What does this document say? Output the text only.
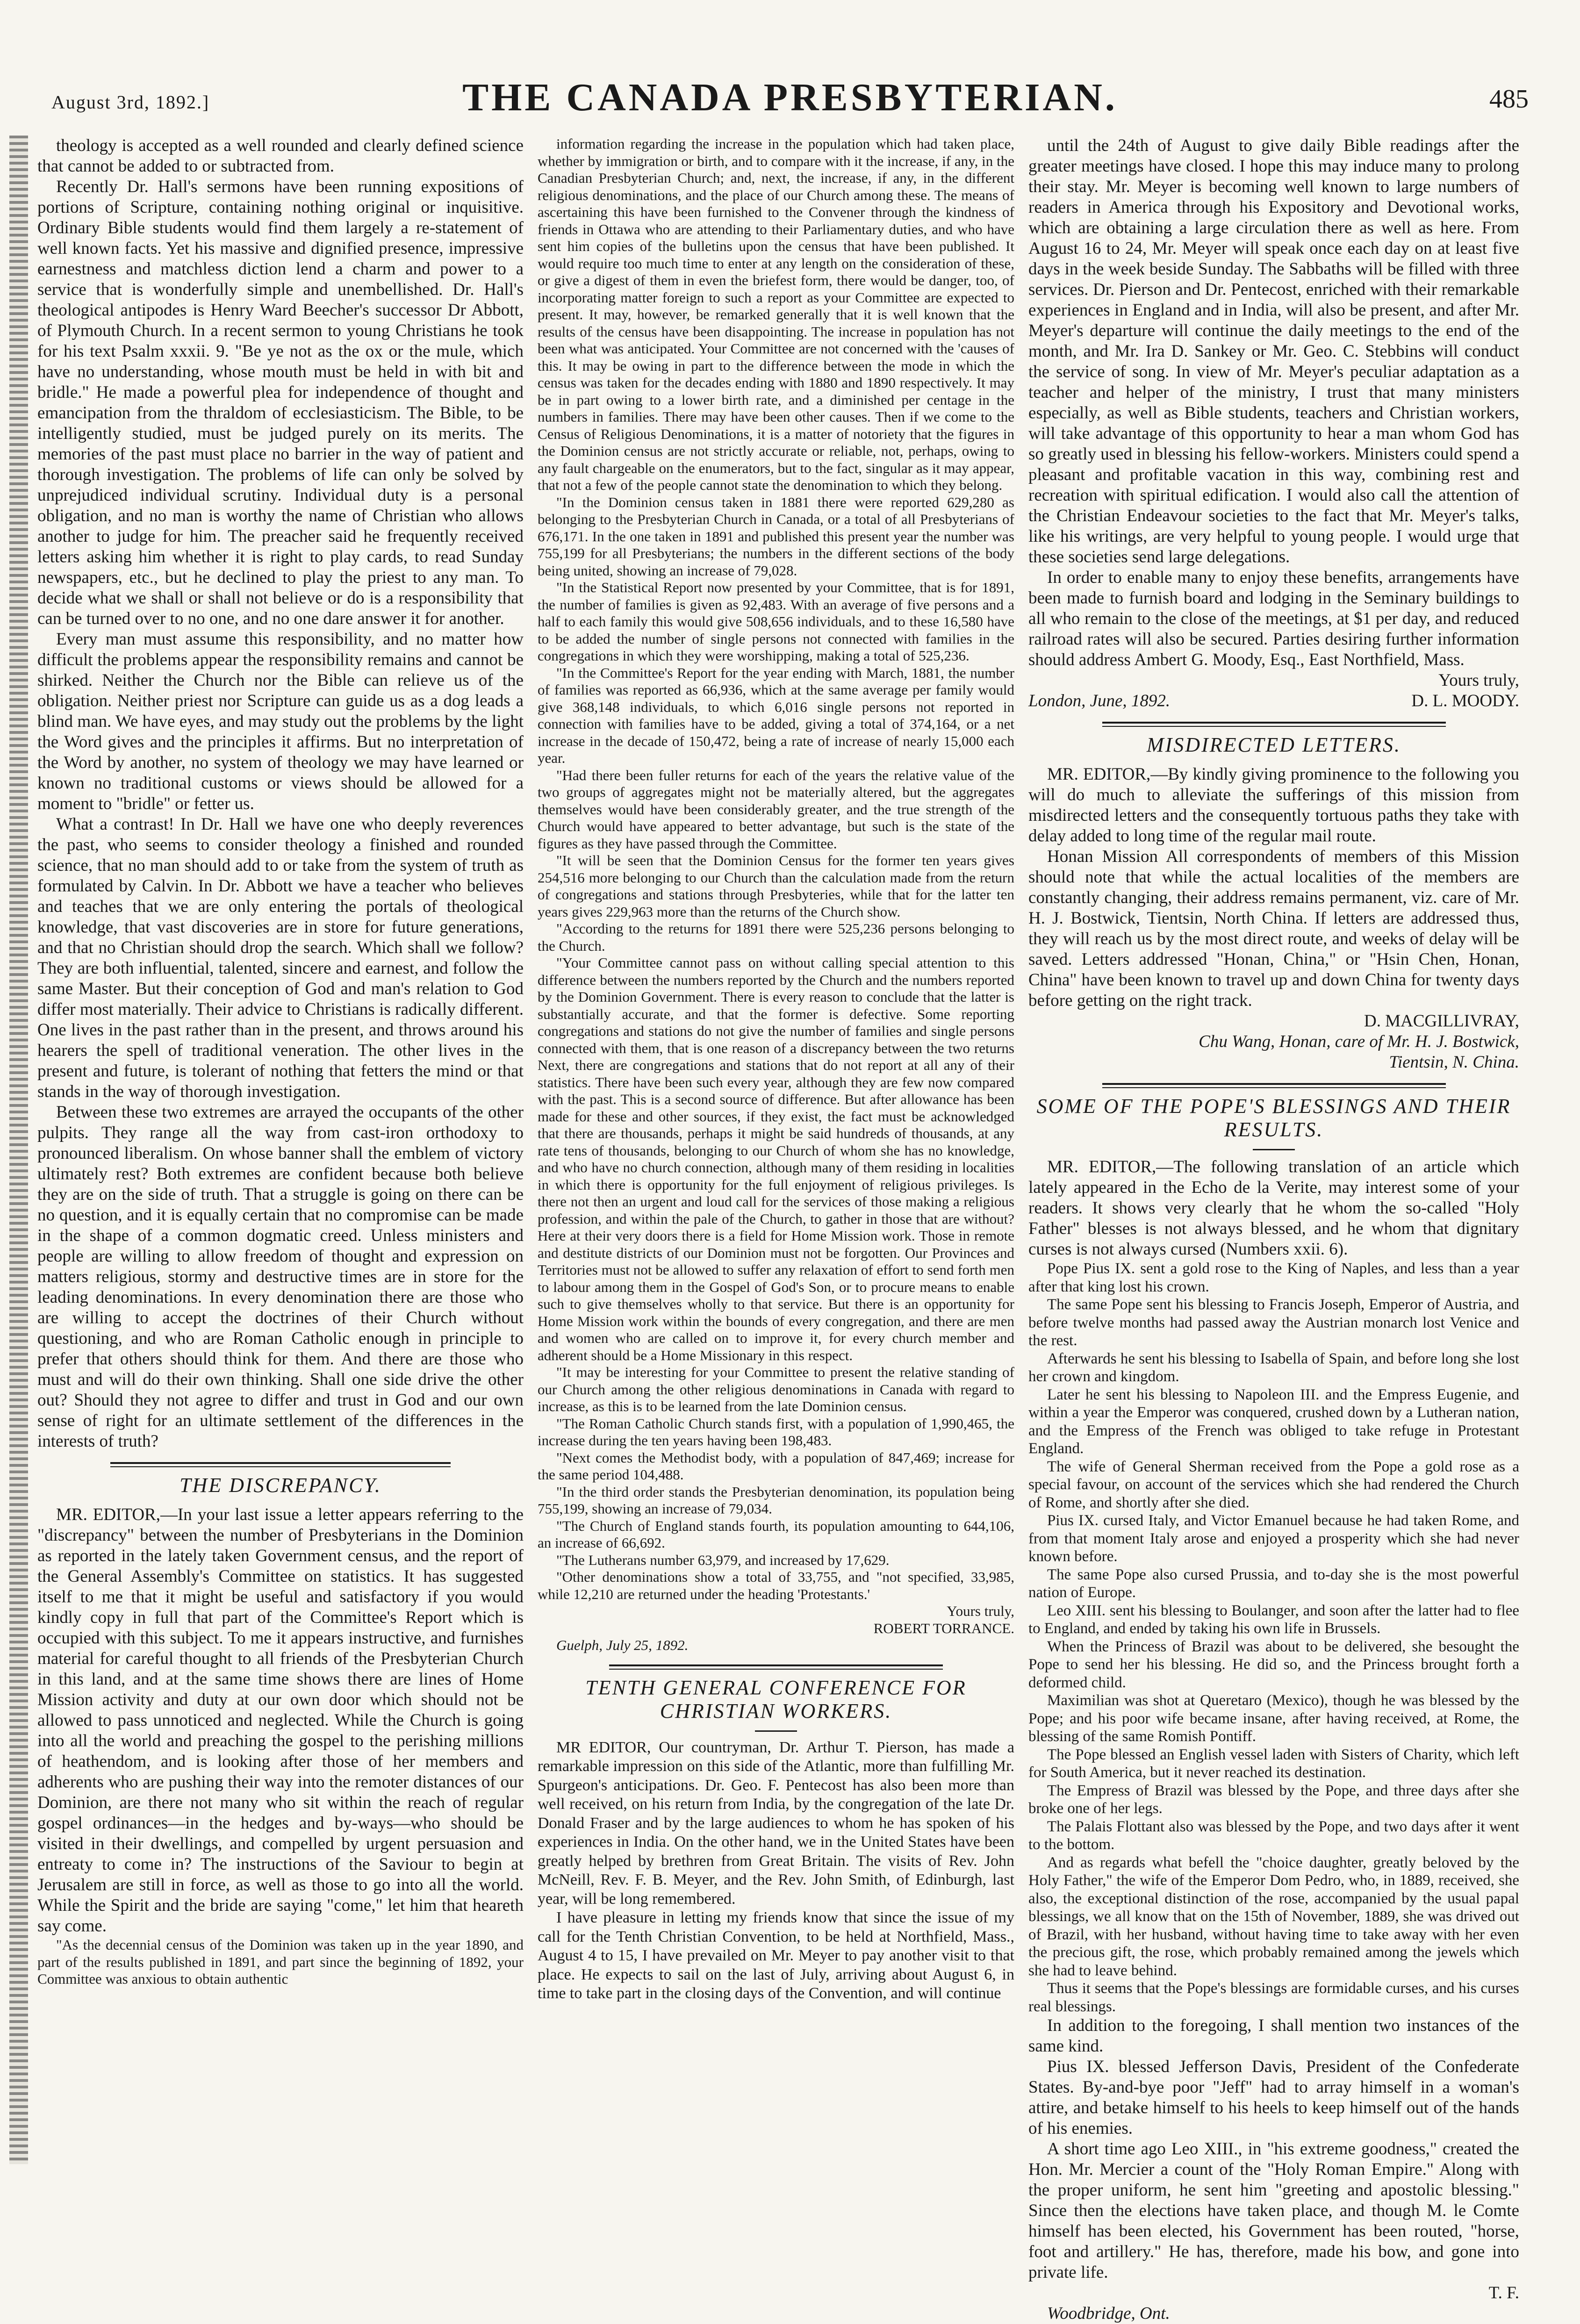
August 3rd, 1892.]	THE CANADA PRESBYTERIAN.	485

theology is accepted as a well rounded and clearly defined science that cannot be added to or subtracted from.

Recently Dr. Hall's sermons have been running expositions of portions of Scripture, containing nothing original or inquisitive. Ordinary Bible students would find them largely a re-statement of well known facts. Yet his massive and dignified presence, impressive earnestness and matchless diction lend a charm and power to a service that is wonderfully simple and unembellished. Dr. Hall's theological antipodes is Henry Ward Beecher's successor Dr Abbott, of Plymouth Church. In a recent sermon to young Christians he took for his text Psalm xxxii. 9. "Be ye not as the ox or the mule, which have no understanding, whose mouth must be held in with bit and bridle." He made a powerful plea for independence of thought and emancipation from the thraldom of ecclesiasticism. The Bible, to be intelligently studied, must be judged purely on its merits. The memories of the past must place no barrier in the way of patient and thorough investigation. The problems of life can only be solved by unprejudiced individual scrutiny. Individual duty is a personal obligation, and no man is worthy the name of Christian who allows another to judge for him. The preacher said he frequently received letters asking him whether it is right to play cards, to read Sunday newspapers, etc., but he declined to play the priest to any man. To decide what we shall or shall not believe or do is a responsibility that can be turned over to no one, and no one dare answer it for another.

Every man must assume this responsibility, and no matter how difficult the problems appear the responsibility remains and cannot be shirked. Neither the Church nor the Bible can relieve us of the obligation. Neither priest nor Scripture can guide us as a dog leads a blind man. We have eyes, and may study out the problems by the light the Word gives and the principles it affirms. But no interpretation of the Word by another, no system of theology we may have learned or known no traditional customs or views should be allowed for a moment to "bridle" or fetter us.

What a contrast! In Dr. Hall we have one who deeply reverences the past, who seems to consider theology a finished and rounded science, that no man should add to or take from the system of truth as formulated by Calvin. In Dr. Abbott we have a teacher who believes and teaches that we are only entering the portals of theological knowledge, that vast discoveries are in store for future generations, and that no Christian should drop the search. Which shall we follow? They are both influential, talented, sincere and earnest, and follow the same Master. But their conception of God and man's relation to God differ most materially. Their advice to Christians is radically different. One lives in the past rather than in the present, and throws around his hearers the spell of traditional veneration. The other lives in the present and future, is tolerant of nothing that fetters the mind or that stands in the way of thorough investigation.

Between these two extremes are arrayed the occupants of the other pulpits. They range all the way from cast-iron orthodoxy to pronounced liberalism. On whose banner shall the emblem of victory ultimately rest? Both extremes are confident because both believe they are on the side of truth. That a struggle is going on there can be no question, and it is equally certain that no compromise can be made in the shape of a common dogmatic creed. Unless ministers and people are willing to allow freedom of thought and expression on matters religious, stormy and destructive times are in store for the leading denominations. In every denomination there are those who are willing to accept the doctrines of their Church without questioning, and who are Roman Catholic enough in principle to prefer that others should think for them. And there are those who must and will do their own thinking. Shall one side drive the other out? Should they not agree to differ and trust in God and our own sense of right for an ultimate settlement of the differences in the interests of truth?

THE DISCREPANCY.

MR. EDITOR,—In your last issue a letter appears referring to the "discrepancy" between the number of Presbyterians in the Dominion as reported in the lately taken Government census, and the report of the General Assembly's Committee on statistics. It has suggested itself to me that it might be useful and satisfactory if you would kindly copy in full that part of the Committee's Report which is occupied with this subject. To me it appears instructive, and furnishes material for careful thought to all friends of the Presbyterian Church in this land, and at the same time shows there are lines of Home Mission activity and duty at our own door which should not be allowed to pass unnoticed and neglected. While the Church is going into all the world and preaching the gospel to the perishing millions of heathendom, and is looking after those of her members and adherents who are pushing their way into the remoter distances of our Dominion, are there not many who sit within the reach of regular gospel ordinances—in the hedges and by-ways—who should be visited in their dwellings, and compelled by urgent persuasion and entreaty to come in? The instructions of the Saviour to begin at Jerusalem are still in force, as well as those to go into all the world. While the Spirit and the bride are saying "come," let him that heareth say come.

"As the decennial census of the Dominion was taken up in the year 1890, and part of the results published in 1891, and part since the beginning of 1892, your Committee was anxious to obtain authentic

information regarding the increase in the population which had taken place, whether by immigration or birth, and to compare with it the increase, if any, in the Canadian Presbyterian Church; and, next, the increase, if any, in the different religious denominations, and the place of our Church among these. The means of ascertaining this have been furnished to the Convener through the kindness of friends in Ottawa who are attending to their Parliamentary duties, and who have sent him copies of the bulletins upon the census that have been published. It would require too much time to enter at any length on the consideration of these, or give a digest of them in even the briefest form, there would be danger, too, of incorporating matter foreign to such a report as your Committee are expected to present. It may, however, be remarked generally that it is well known that the results of the census have been disappointing. The increase in population has not been what was anticipated. Your Committee are not concerned with the 'causes of this. It may be owing in part to the difference between the mode in which the census was taken for the decades ending with 1880 and 1890 respectively. It may be in part owing to a lower birth rate, and a diminished per centage in the numbers in families. There may have been other causes. Then if we come to the Census of Religious Denominations, it is a matter of notoriety that the figures in the Dominion census are not strictly accurate or reliable, not, perhaps, owing to any fault chargeable on the enumerators, but to the fact, singular as it may appear, that not a few of the people cannot state the denomination to which they belong.

"In the Dominion census taken in 1881 there were reported 629,280 as belonging to the Presbyterian Church in Canada, or a total of all Presbyterians of 676,171. In the one taken in 1891 and published this present year the number was 755,199 for all Presbyterians; the numbers in the different sections of the body being united, showing an increase of 79,028.

"In the Statistical Report now presented by your Committee, that is for 1891, the number of families is given as 92,483. With an average of five persons and a half to each family this would give 508,656 individuals, and to these 16,580 have to be added the number of single persons not connected with families in the congregations in which they were worshipping, making a total of 525,236.

"In the Committee's Report for the year ending with March, 1881, the number of families was reported as 66,936, which at the same average per family would give 368,148 individuals, to which 6,016 single persons not reported in connection with families have to be added, giving a total of 374,164, or a net increase in the decade of 150,472, being a rate of increase of nearly 15,000 each year.

"Had there been fuller returns for each of the years the relative value of the two groups of aggregates might not be materially altered, but the aggregates themselves would have been considerably greater, and the true strength of the Church would have appeared to better advantage, but such is the state of the figures as they have passed through the Committee.

"It will be seen that the Dominion Census for the former ten years gives 254,516 more belonging to our Church than the calculation made from the return of congregations and stations through Presbyteries, while that for the latter ten years gives 229,963 more than the returns of the Church show.

"According to the returns for 1891 there were 525,236 persons belonging to the Church.

"Your Committee cannot pass on without calling special attention to this difference between the numbers reported by the Church and the numbers reported by the Dominion Government. There is every reason to conclude that the latter is substantially accurate, and that the former is defective. Some reporting congregations and stations do not give the number of families and single persons connected with them, that is one reason of a discrepancy between the two returns Next, there are congregations and stations that do not report at all any of their statistics. There have been such every year, although they are few now compared with the past. This is a second source of difference. But after allowance has been made for these and other sources, if they exist, the fact must be acknowledged that there are thousands, perhaps it might be said hundreds of thousands, at any rate tens of thousands, belonging to our Church of whom she has no knowledge, and who have no church connection, although many of them residing in localities in which there is opportunity for the full enjoyment of religious privileges. Is there not then an urgent and loud call for the services of those making a religious profession, and within the pale of the Church, to gather in those that are without? Here at their very doors there is a field for Home Mission work. Those in remote and destitute districts of our Dominion must not be forgotten. Our Provinces and Territories must not be allowed to suffer any relaxation of effort to send forth men to labour among them in the Gospel of God's Son, or to procure means to enable such to give themselves wholly to that service. But there is an opportunity for Home Mission work within the bounds of every congregation, and there are men and women who are called on to improve it, for every church member and adherent should be a Home Missionary in this respect.

"It may be interesting for your Committee to present the relative standing of our Church among the other religious denominations in Canada with regard to increase, as this is to be learned from the late Dominion census.

"The Roman Catholic Church stands first, with a population of 1,990,465, the increase during the ten years having been 198,483.

"Next comes the Methodist body, with a population of 847,469; increase for the same period 104,488.

"In the third order stands the Presbyterian denomination, its population being 755,199, showing an increase of 79,034.

"The Church of England stands fourth, its population amounting to 644,106, an increase of 66,692.

"The Lutherans number 63,979, and increased by 17,629.

"Other denominations show a total of 33,755, and "not specified, 33,985, while 12,210 are returned under the heading 'Protestants.'

Yours truly,

ROBERT TORRANCE.

Guelph, July 25, 1892.

TENTH GENERAL CONFERENCE FOR CHRISTIAN WORKERS.

MR EDITOR, Our countryman, Dr. Arthur T. Pierson, has made a remarkable impression on this side of the Atlantic, more than fulfilling Mr. Spurgeon's anticipations. Dr. Geo. F. Pentecost has also been more than well received, on his return from India, by the congregation of the late Dr. Donald Fraser and by the large audiences to whom he has spoken of his experiences in India. On the other hand, we in the United States have been greatly helped by brethren from Great Britain. The visits of Rev. John McNeill, Rev. F. B. Meyer, and the Rev. John Smith, of Edinburgh, last year, will be long remembered.

I have pleasure in letting my friends know that since the issue of my call for the Tenth Christian Convention, to be held at Northfield, Mass., August 4 to 15, I have prevailed on Mr. Meyer to pay another visit to that place. He expects to sail on the last of July, arriving about August 6, in time to take part in the closing days of the Convention, and will continue

until the 24th of August to give daily Bible readings after the greater meetings have closed. I hope this may induce many to prolong their stay. Mr. Meyer is becoming well known to large numbers of readers in America through his Expository and Devotional works, which are obtaining a large circulation there as well as here. From August 16 to 24, Mr. Meyer will speak once each day on at least five days in the week beside Sunday. The Sabbaths will be filled with three services. Dr. Pierson and Dr. Pentecost, enriched with their remarkable experiences in England and in India, will also be present, and after Mr. Meyer's departure will continue the daily meetings to the end of the month, and Mr. Ira D. Sankey or Mr. Geo. C. Stebbins will conduct the service of song. In view of Mr. Meyer's peculiar adaptation as a teacher and helper of the ministry, I trust that many ministers especially, as well as Bible students, teachers and Christian workers, will take advantage of this opportunity to hear a man whom God has so greatly used in blessing his fellow-workers. Ministers could spend a pleasant and profitable vacation in this way, combining rest and recreation with spiritual edification. I would also call the attention of the Christian Endeavour societies to the fact that Mr. Meyer's talks, like his writings, are very helpful to young people. I would urge that these societies send large delegations.

In order to enable many to enjoy these benefits, arrangements have been made to furnish board and lodging in the Seminary buildings to all who remain to the close of the meetings, at $1 per day, and reduced railroad rates will also be secured. Parties desiring further information should address Ambert G. Moody, Esq., East Northfield, Mass.

Yours truly,

London, June, 1892.	D. L. MOODY.
MISDIRECTED LETTERS.

MR. EDITOR,—By kindly giving prominence to the following you will do much to alleviate the sufferings of this mission from misdirected letters and the consequently tortuous paths they take with delay added to long time of the regular mail route.

Honan Mission All correspondents of members of this Mission should note that while the actual localities of the members are constantly changing, their address remains permanent, viz. care of Mr. H. J. Bostwick, Tientsin, North China. If letters are addressed thus, they will reach us by the most direct route, and weeks of delay will be saved. Letters addressed "Honan, China," or "Hsin Chen, Honan, China" have been known to travel up and down China for twenty days before getting on the right track.

D. MACGILLIVRAY,

Chu Wang, Honan, care of Mr. H. J. Bostwick,

Tientsin, N. China.

SOME OF THE POPE'S BLESSINGS AND THEIR RESULTS.

MR. EDITOR,—The following translation of an article which lately appeared in the Echo de la Verite, may interest some of your readers. It shows very clearly that he whom the so-called "Holy Father" blesses is not always blessed, and he whom that dignitary curses is not always cursed (Numbers xxii. 6).

Pope Pius IX. sent a gold rose to the King of Naples, and less than a year after that king lost his crown.

The same Pope sent his blessing to Francis Joseph, Emperor of Austria, and before twelve months had passed away the Austrian monarch lost Venice and the rest.

Afterwards he sent his blessing to Isabella of Spain, and before long she lost her crown and kingdom.

Later he sent his blessing to Napoleon III. and the Empress Eugenie, and within a year the Emperor was conquered, crushed down by a Lutheran nation, and the Empress of the French was obliged to take refuge in Protestant England.

The wife of General Sherman received from the Pope a gold rose as a special favour, on account of the services which she had rendered the Church of Rome, and shortly after she died.

Pius IX. cursed Italy, and Victor Emanuel because he had taken Rome, and from that moment Italy arose and enjoyed a prosperity which she had never known before.

The same Pope also cursed Prussia, and to-day she is the most powerful nation of Europe.

Leo XIII. sent his blessing to Boulanger, and soon after the latter had to flee to England, and ended by taking his own life in Brussels.

When the Princess of Brazil was about to be delivered, she besought the Pope to send her his blessing. He did so, and the Princess brought forth a deformed child.

Maximilian was shot at Queretaro (Mexico), though he was blessed by the Pope; and his poor wife became insane, after having received, at Rome, the blessing of the same Romish Pontiff.

The Pope blessed an English vessel laden with Sisters of Charity, which left for South America, but it never reached its destination.

The Empress of Brazil was blessed by the Pope, and three days after she broke one of her legs.

The Palais Flottant also was blessed by the Pope, and two days after it went to the bottom.

And as regards what befell the "choice daughter, greatly beloved by the Holy Father," the wife of the Emperor Dom Pedro, who, in 1889, received, she also, the exceptional distinction of the rose, accompanied by the usual papal blessings, we all know that on the 15th of November, 1889, she was drived out of Brazil, with her husband, without having time to take away with her even the precious gift, the rose, which probably remained among the jewels which she had to leave behind.

Thus it seems that the Pope's blessings are formidable curses, and his curses real blessings.

In addition to the foregoing, I shall mention two instances of the same kind.

Pius IX. blessed Jefferson Davis, President of the Confederate States. By-and-bye poor "Jeff" had to array himself in a woman's attire, and betake himself to his heels to keep himself out of the hands of his enemies.

A short time ago Leo XIII., in "his extreme goodness," created the Hon. Mr. Mercier a count of the "Holy Roman Empire." Along with the proper uniform, he sent him "greeting and apostolic blessing." Since then the elections have taken place, and though M. le Comte himself has been elected, his Government has been routed, "horse, foot and artillery." He has, therefore, made his bow, and gone into private life.

T. F.

Woodbridge, Ont.
